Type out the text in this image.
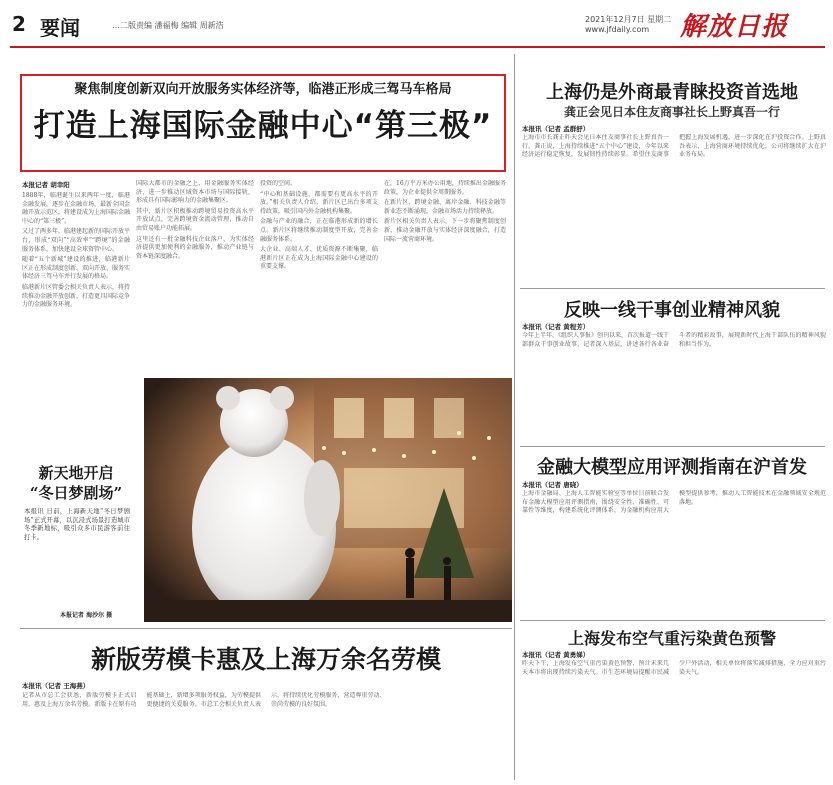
2 要闻	…二版责编 潘福梅 编辑 周新浩
2021年12月7日 星期二
www.jfdaily.com	解放日报
聚焦制度创新双向开放服务实体经济等，临港正形成三驾马车格局
打造上海国际金融中心“第三极”
本报记者 胡幸阳

1888年，临港诞生以来两年一度，临港金融发展，逐步在金融市场，最新全国金融开放示范区，将建设成为上海国际金融中心的“第三极”。

又过了两多年，临港建起新的国际开放平台，形成“双向”“高效率”“跨境”的金融服务体系，加快建设全球资管中心。

随着“五个新城”建设的推进，临港新片区正在形成制度创新、双向开放、服务实体经济三驾马车并行发展的格局。

临港新片区管委会相关负责人表示，将持续推动金融开放创新，打造更具国际竞争力的金融服务环境。

国际大都市的金融之上，用金融服务实体经济，进一步推动区域资本市场与国际接轨，形成具有国际影响力的金融集聚区。

其中，新片区积极推动跨境贸易投资高水平开放试点，完善跨境资金流动管理，推动自由贸易账户功能拓展。

这里还有一批金融科技企业落户，为实体经济提供更加便利的金融服务，推动产业链与资本链深度融合。

投资的空间。

“中心和基础设施，都需要有更高水平的开放。”相关负责人介绍，新片区已出台多项支持政策，吸引国内外金融机构集聚。

金融与产业的融合，正在临港形成新的增长点。新片区将继续推动制度型开放，完善金融服务体系。

大企业、高端人才、优质资源不断集聚，临港新片区正在成为上海国际金融中心建设的重要支撑。

在，16万平方米办公用地，持续推出金融服务政策，为企业提供全周期服务。

在新片区，跨境金融、离岸金融、科技金融等新业态不断涌现，金融市场活力持续释放。

新片区相关负责人表示，下一步将聚焦制度创新，推动金融开放与实体经济深度融合，打造国际一流营商环境。

新天地开启
“冬日梦剧场”
本报讯 日前，上海新天地“冬日梦剧场”正式开幕，以沉浸式场景打造城市冬季新地标，吸引众多市民游客前往打卡。
本报记者 海沙尔 摄
新版劳模卡惠及上海万余名劳模
本报讯（记者 王海燕）
记者从市总工会获悉，新版劳模卡正式启用，惠及上海万余名劳模。新版卡在原有功能基础上，新增多项服务权益，为劳模提供更便捷的关爱服务。市总工会相关负责人表示，将持续优化劳模服务，营造尊重劳动、崇尚劳模的良好氛围。
上海仍是外商最青睐投资首选地
龚正会见日本住友商事社长上野真吾一行
本报讯（记者 孟群舒）
上海市市长龚正昨天会见日本住友商事社长上野真吾一行。龚正说，上海持续推进“五个中心”建设，今年以来经济运行稳定恢复，发展韧性持续彰显。希望住友商事把握上海发展机遇，进一步深化在沪投资合作。上野真吾表示，上海营商环境持续优化，公司将继续扩大在沪业务布局。
反映一线干事创业精神风貌
本报讯（记者 黄程芳）
今年上半年，《组织人事报》创刊以来，首次报道一线干部群众干事创业故事，记者深入基层，讲述各行各业奋斗者的精彩故事，展现新时代上海干部队伍的精神风貌和担当作为。
金融大模型应用评测指南在沪首发
本报讯（记者 唐晓）
上海市金融局、上海人工智能实验室等单位日前联合发布金融大模型应用评测指南，围绕安全性、准确性、可靠性等维度，构建系统化评测体系，为金融机构应用大模型提供参考，推动人工智能技术在金融领域安全规范落地。
上海发布空气重污染黄色预警
本报讯（记者 黄勇娣）
昨天下午，上海发布空气重污染黄色预警，预计未来几天本市将出现持续污染天气。市生态环境局提醒市民减少户外活动，相关单位将落实减排措施，全力应对重污染天气。
